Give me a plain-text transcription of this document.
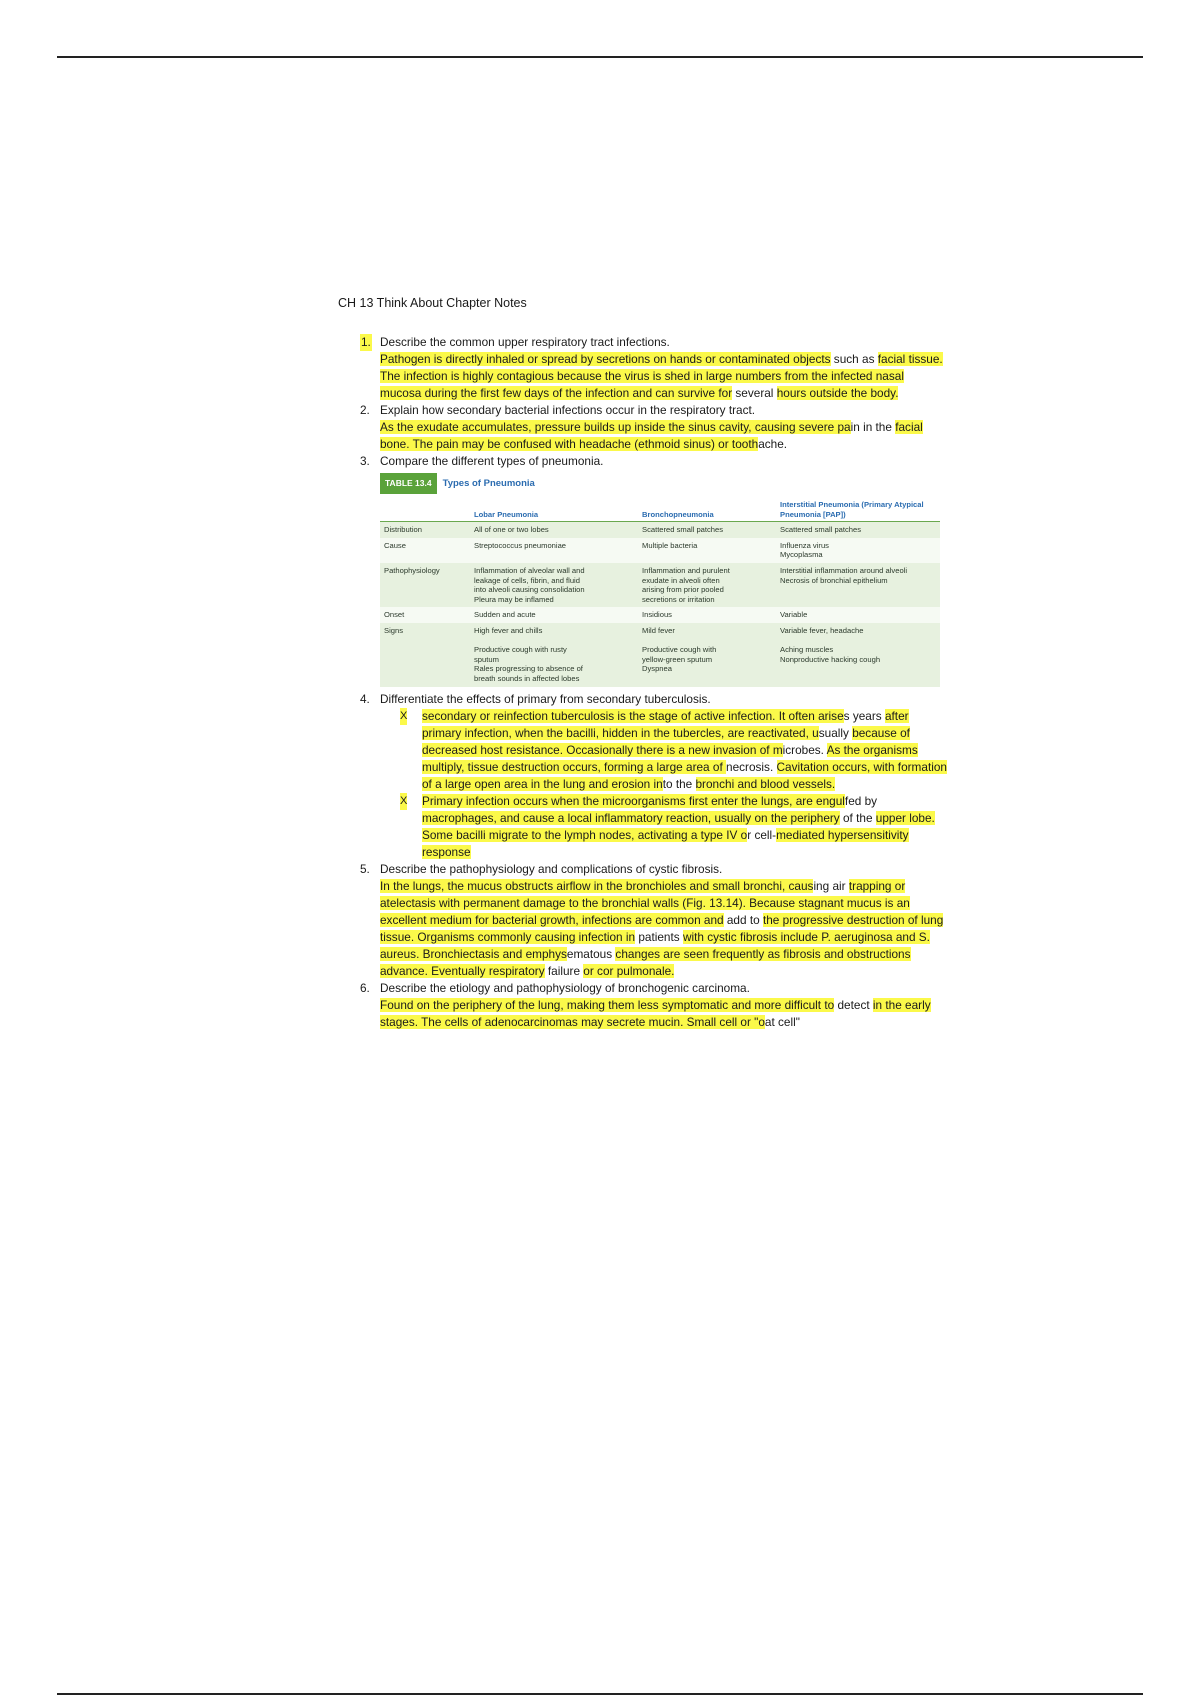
CH 13 Think About Chapter Notes
1. Describe the common upper respiratory tract infections.
Pathogen is directly inhaled or spread by secretions on hands or contaminated objects such as facial tissue. The infection is highly contagious because the virus is shed in large numbers from the infected nasal mucosa during the first few days of the infection and can survive for several hours outside the body.
2. Explain how secondary bacterial infections occur in the respiratory tract.
As the exudate accumulates, pressure builds up inside the sinus cavity, causing severe pain in the facial bone. The pain may be confused with headache (ethmoid sinus) or toothache.
3. Compare the different types of pneumonia.
TABLE 13.4	Types of Pneumonia
	Lobar Pneumonia	Bronchopneumonia	Interstitial Pneumonia (Primary Atypical Pneumonia [PAP])
Distribution	All of one or two lobes	Scattered small patches	Scattered small patches

Cause	Streptococcus pneumoniae	Multiple bacteria	Influenza virus
Mycoplasma

Pathophysiology	Inflammation of alveolar wall and
leakage of cells, fibrin, and fluid
into alveoli causing consolidation
Pleura may be inflamed	Inflammation and purulent
exudate in alveoli often
arising from prior pooled
secretions or irritation	Interstitial inflammation around alveoli
Necrosis of bronchial epithelium

Onset	Sudden and acute	Insidious	Variable

Signs	High fever and chills

Productive cough with rusty
sputum
Rales progressing to absence of
breath sounds in affected lobes	Mild fever

Productive cough with
yellow-green sputum
Dyspnea	Variable fever, headache

Aching muscles
Nonproductive hacking cough
4. Differentiate the effects of primary from secondary tuberculosis.
X secondary or reinfection tuberculosis is the stage of active infection. It often arises years after primary infection, when the bacilli, hidden in the tubercles, are reactivated, usually because of decreased host resistance. Occasionally there is a new invasion of microbes. As the organisms multiply, tissue destruction occurs, forming a large area of necrosis. Cavitation occurs, with formation of a large open area in the lung and erosion into the bronchi and blood vessels.
X Primary infection occurs when the microorganisms first enter the lungs, are engulfed by macrophages, and cause a local inflammatory reaction, usually on the periphery of the upper lobe. Some bacilli migrate to the lymph nodes, activating a type IV or cell-mediated hypersensitivity response
5. Describe the pathophysiology and complications of cystic fibrosis.
In the lungs, the mucus obstructs airflow in the bronchioles and small bronchi, causing air trapping or atelectasis with permanent damage to the bronchial walls (Fig. 13.14). Because stagnant mucus is an excellent medium for bacterial growth, infections are common and add to the progressive destruction of lung tissue. Organisms commonly causing infection in patients with cystic fibrosis include P. aeruginosa and S. aureus. Bronchiectasis and emphysematous changes are seen frequently as fibrosis and obstructions advance. Eventually respiratory failure or cor pulmonale.
6. Describe the etiology and pathophysiology of bronchogenic carcinoma.
Found on the periphery of the lung, making them less symptomatic and more difficult to detect in the early stages. The cells of adenocarcinomas may secrete mucin. Small cell or "oat cell"
